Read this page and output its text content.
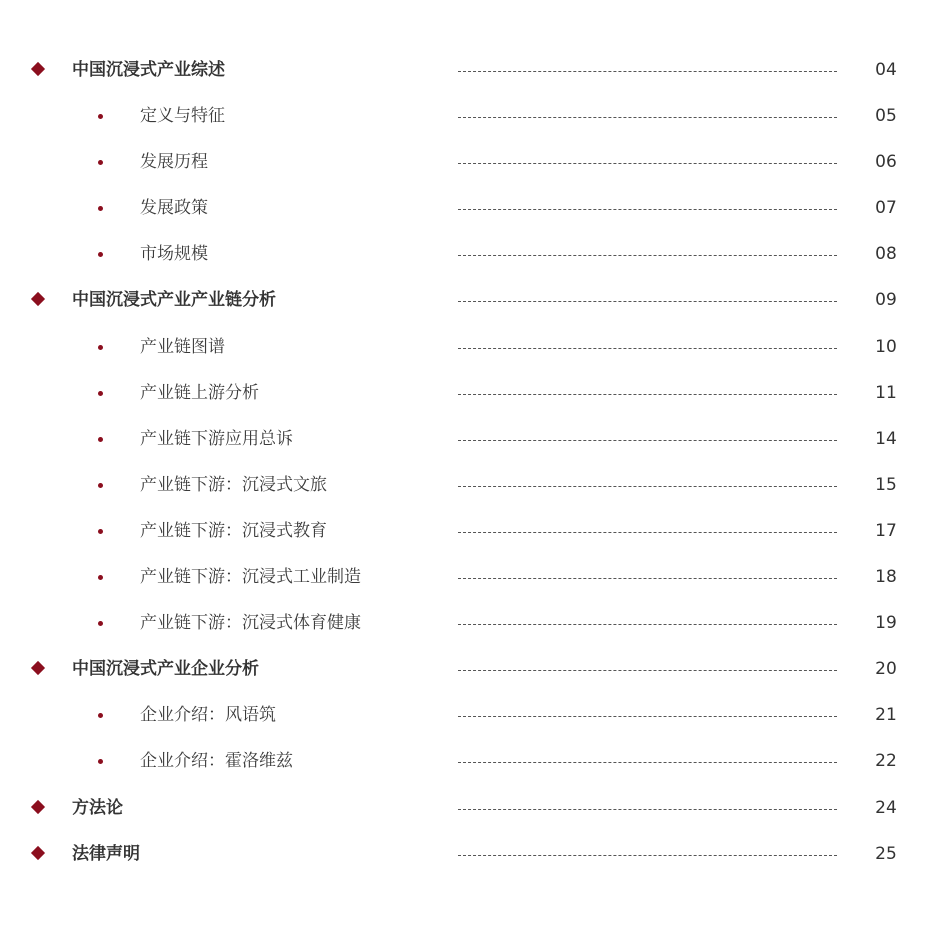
中国沉浸式产业综述	04
定义与特征	05
发展历程	06
发展政策	07
市场规模	08
中国沉浸式产业产业链分析	09
产业链图谱	10
产业链上游分析	11
产业链下游应用总诉	14
产业链下游：沉浸式文旅	15
产业链下游：沉浸式教育	17
产业链下游：沉浸式工业制造	18
产业链下游：沉浸式体育健康	19
中国沉浸式产业企业分析	20
企业介绍：风语筑	21
企业介绍：霍洛维兹	22
方法论	24
法律声明	25
